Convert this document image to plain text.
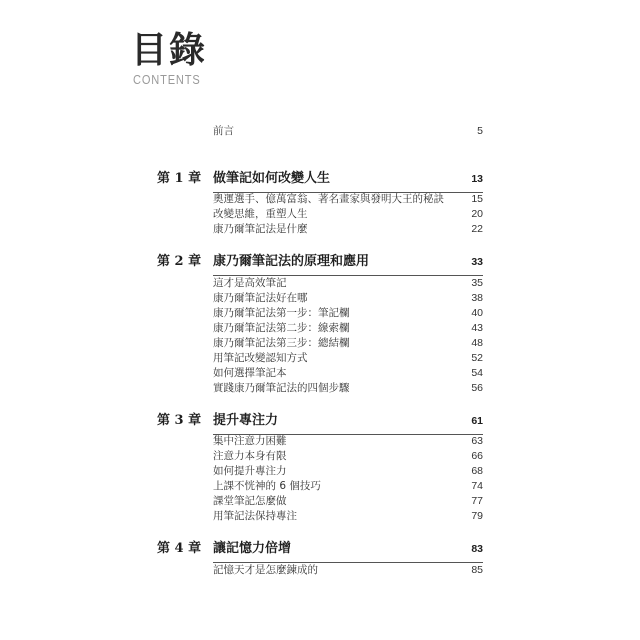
目錄
CONTENTS
前言	5
第 1 章 做筆記如何改變人生	13
奧運選手、億萬富翁、著名畫家與發明大王的秘訣	15
改變思維，重塑人生	20
康乃爾筆記法是什麼	22
第 2 章 康乃爾筆記法的原理和應用	33
這才是高效筆記	35
康乃爾筆記法好在哪	38
康乃爾筆記法第一步：筆記欄	40
康乃爾筆記法第二步：線索欄	43
康乃爾筆記法第三步：總結欄	48
用筆記改變認知方式	52
如何選擇筆記本	54
實踐康乃爾筆記法的四個步驟	56
第 3 章 提升專注力	61
集中注意力困難	63
注意力本身有限	66
如何提升專注力	68
上課不恍神的 6 個技巧	74
課堂筆記怎麼做	77
用筆記法保持專注	79
第 4 章 讓記憶力倍增	83
記憶天才是怎麼鍊成的	85
